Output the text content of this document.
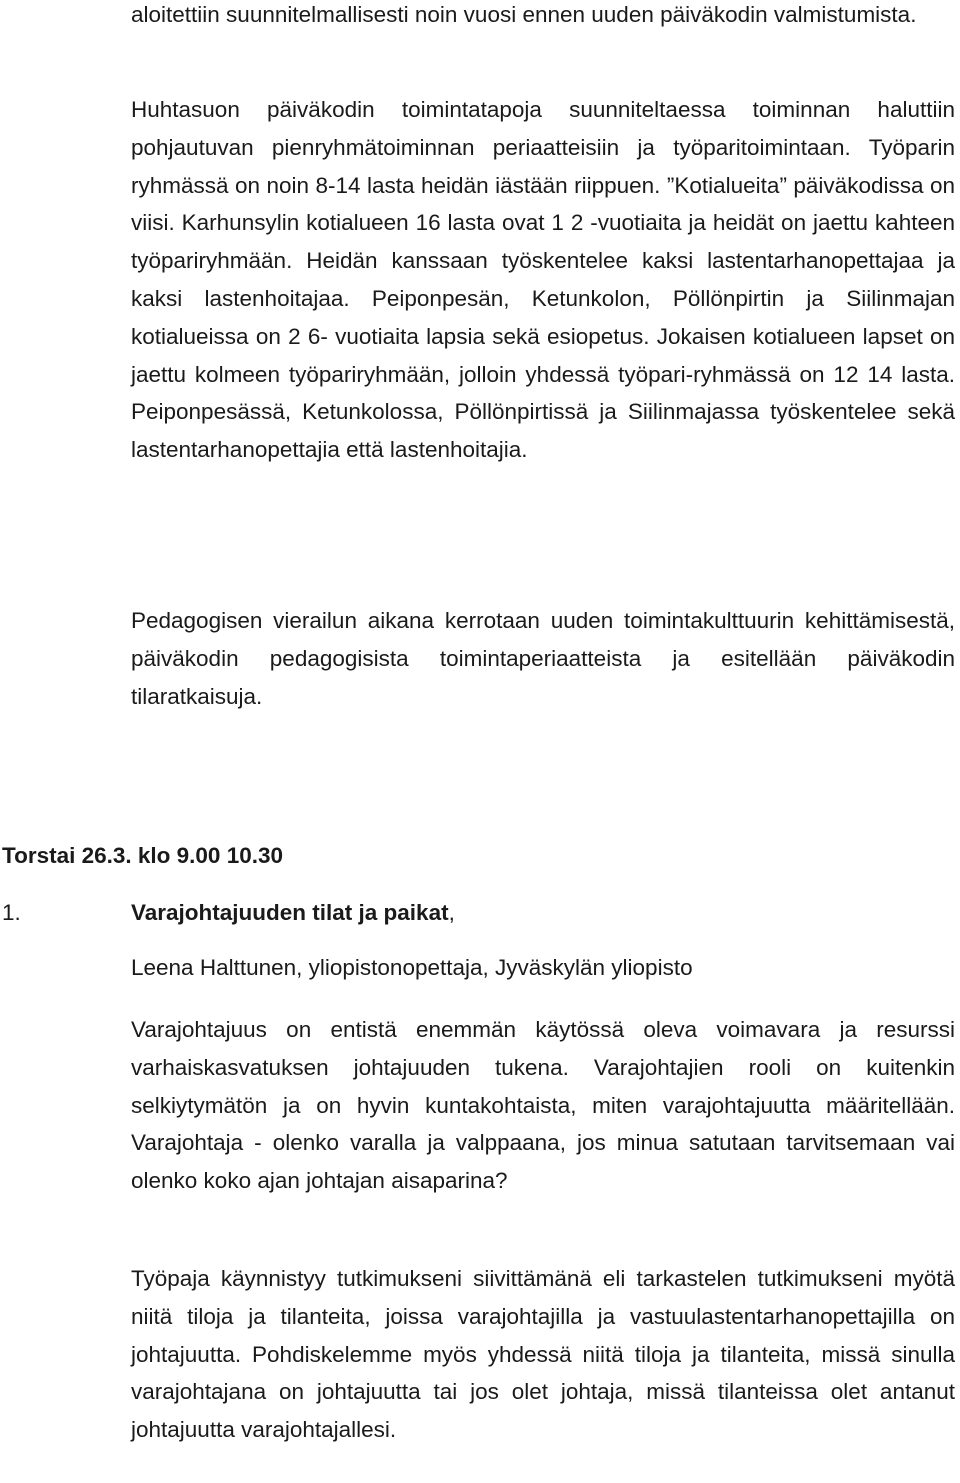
aloitettiin suunnitelmallisesti noin vuosi ennen uuden päiväkodin valmistumista.

Huhtasuon päiväkodin toimintatapoja suunniteltaessa toiminnan haluttiin pohjautuvan pienryhmätoiminnan periaatteisiin ja työparitoimintaan. Työparin ryhmässä on noin 8-14 lasta heidän iästään riippuen. ”Kotialueita” päiväkodissa on viisi. Karhunsylin kotialueen 16 lasta ovat 1 2 -vuotiaita ja heidät on jaettu kahteen työpariryhmään. Heidän kanssaan työskentelee kaksi lastentarhanopettajaa ja kaksi lastenhoitajaa. Peiponpesän, Ketunkolon, Pöllönpirtin ja Siilinmajan kotialueissa on 2 6- vuotiaita lapsia sekä esiopetus. Jokaisen kotialueen lapset on jaettu kolmeen työpariryhmään, jolloin yhdessä työpari-ryhmässä on 12 14 lasta. Peiponpesässä, Ketunkolossa, Pöllönpirtissä ja Siilinmajassa työskentelee sekä lastentarhanopettajia että lastenhoitajia.

Pedagogisen vierailun aikana kerrotaan uuden toimintakulttuurin kehittämisestä, päiväkodin pedagogisista toimintaperiaatteista ja esitellään päiväkodin tilaratkaisuja.

Leena Halttunen, yliopistonopettaja, Jyväskylän yliopisto

Varajohtajuus on entistä enemmän käytössä oleva voimavara ja resurssi varhaiskasvatuksen johtajuuden tukena. Varajohtajien rooli on kuitenkin selkiytymätön ja on hyvin kuntakohtaista, miten varajohtajuutta määritellään. Varajohtaja - olenko varalla ja valppaana, jos minua satutaan tarvitsemaan vai olenko koko ajan johtajan aisaparina?

Työpaja käynnistyy tutkimukseni siivittämänä eli tarkastelen tutkimukseni myötä niitä tiloja ja tilanteita, joissa varajohtajilla ja vastuulastentarhanopettajilla on johtajuutta. Pohdiskelemme myös yhdessä niitä tiloja ja tilanteita, missä sinulla varajohtajana on johtajuutta tai jos olet johtaja, missä tilanteissa olet antanut johtajuutta varajohtajallesi.

Torstai 26.3. klo 9.00 10.30

1.	Varajohtajuuden tilat ja paikat,
